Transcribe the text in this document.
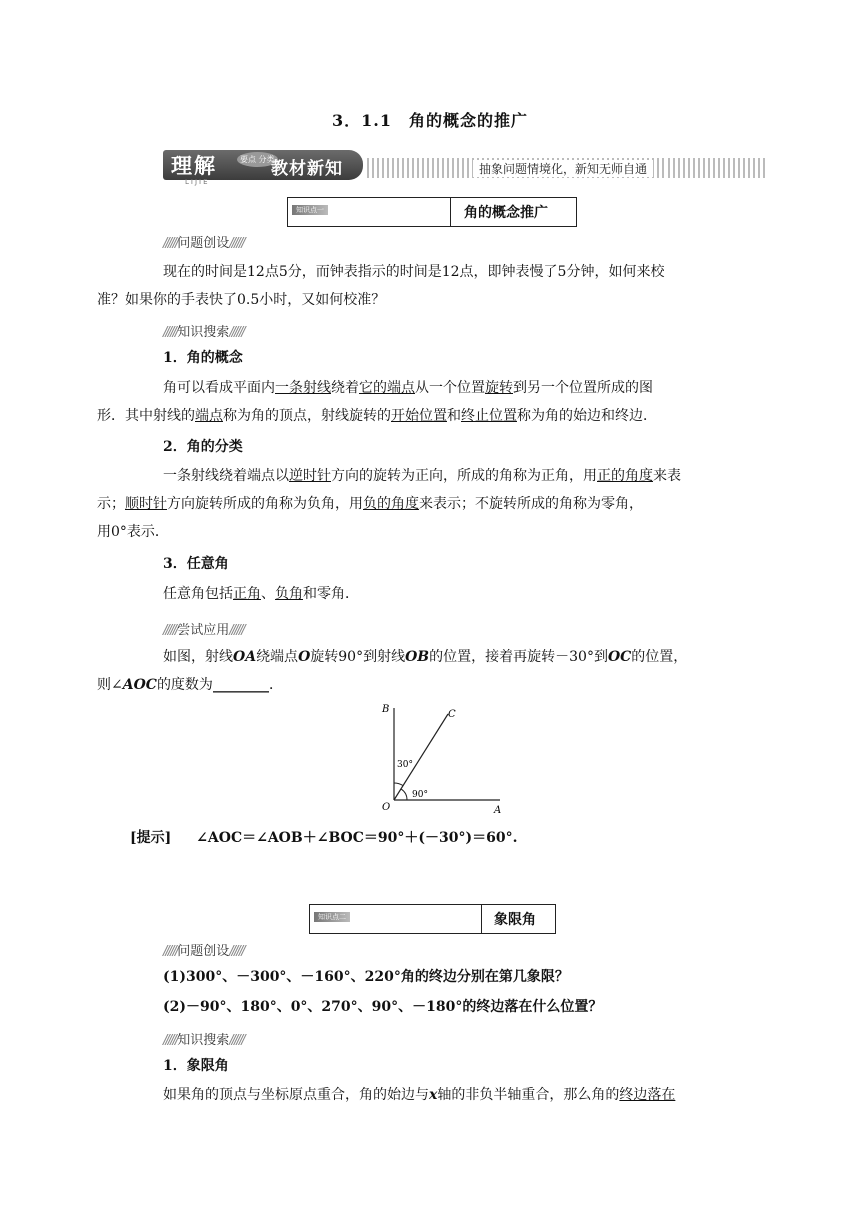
3．1.1　角的概念的推广
理解
LIJIE
要点 分类
教材新知	抽象问题情境化，新知无师自通
知识点一	角的概念推广
//////问题创设//////
现在的时间是12点5分，而钟表指示的时间是12点，即钟表慢了5分钟，如何来校
准？如果你的手表快了0.5小时，又如何校准？
//////知识搜索//////
1．角的概念
角可以看成平面内一条射线绕着它的端点从一个位置旋转到另一个位置所成的图
形．其中射线的端点称为角的顶点，射线旋转的开始位置和终止位置称为角的始边和终边．
2．角的分类
一条射线绕着端点以逆时针方向的旋转为正向，所成的角称为正角，用正的角度来表
示；顺时针方向旋转所成的角称为负角，用负的角度来表示；不旋转所成的角称为零角，
用0°表示．
3．任意角
任意角包括正角、负角和零角．
//////尝试应用//////
如图，射线OA绕端点O旋转90°到射线OB的位置，接着再旋转－30°到OC的位置，
则∠AOC的度数为________．
B	C
O	A
30°
90°
[提示] ∠AOC＝∠AOB＋∠BOC＝90°＋(－30°)＝60°.
知识点二	象限角
//////问题创设//////
(1)300°、－300°、－160°、220°角的终边分别在第几象限？
(2)－90°、180°、0°、270°、90°、－180°的终边落在什么位置？
//////知识搜索//////
1．象限角
如果角的顶点与坐标原点重合，角的始边与x轴的非负半轴重合，那么角的终边落在
